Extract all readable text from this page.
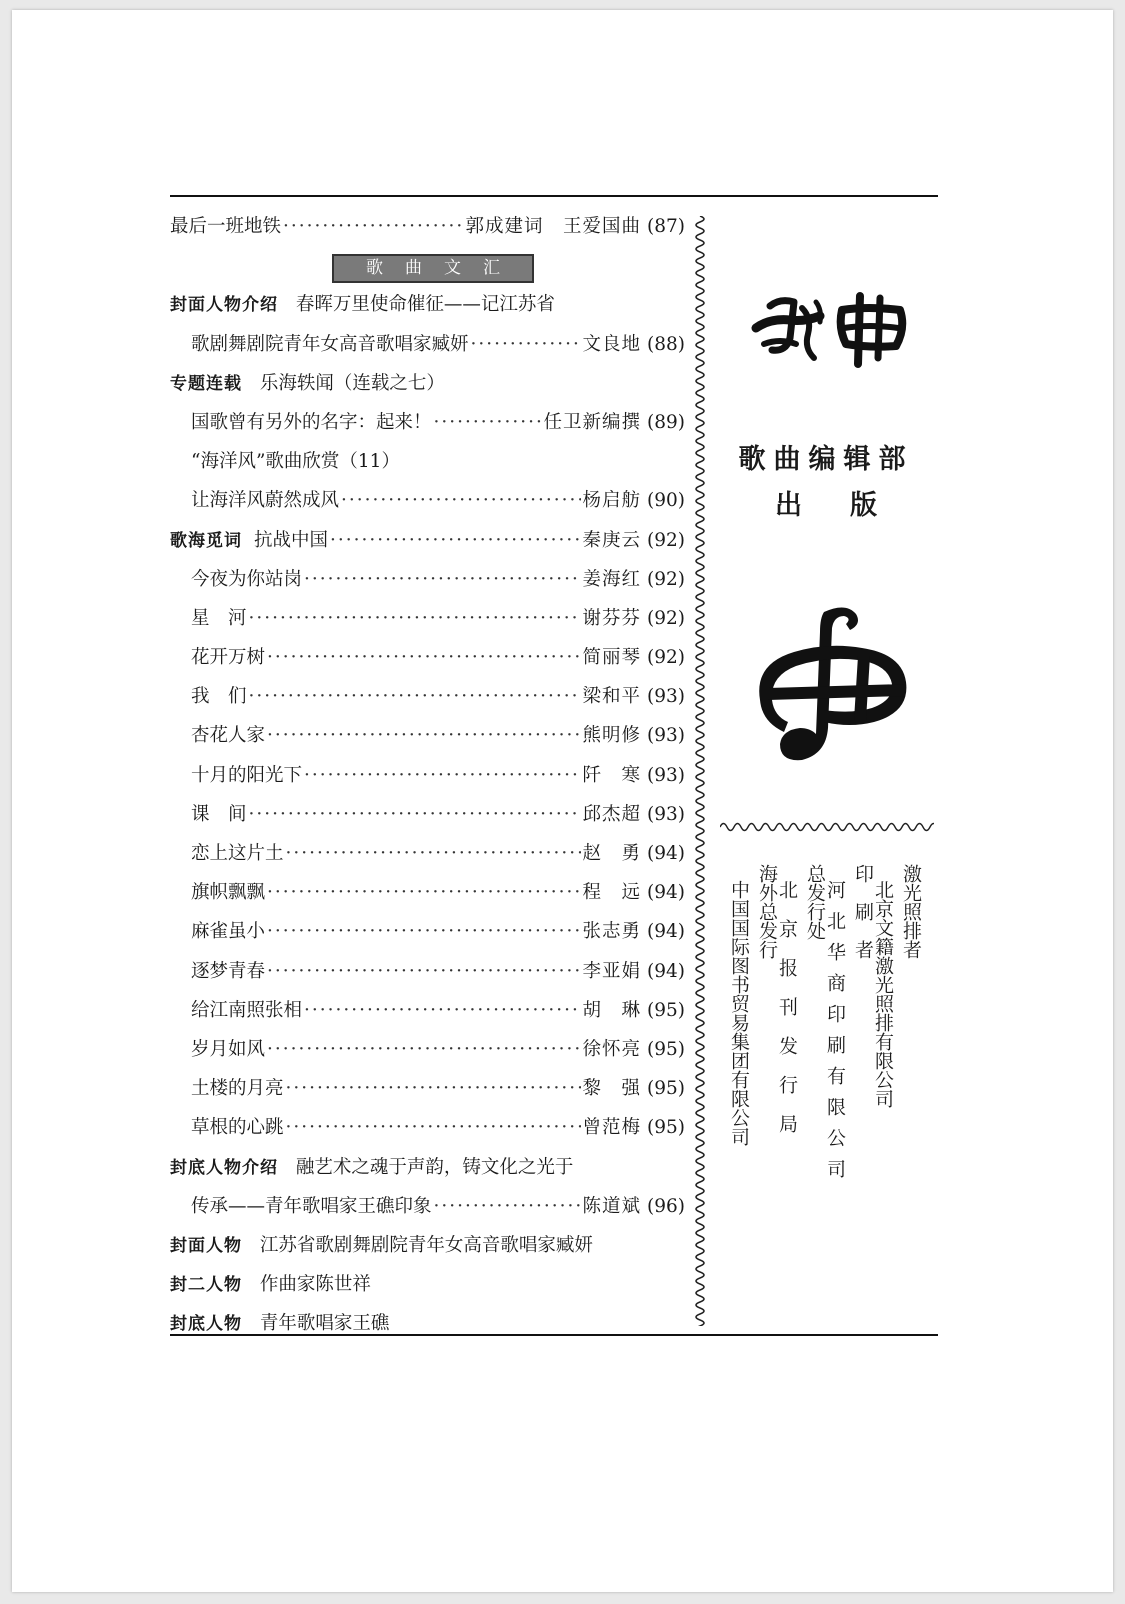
最后一班地铁 ·····	郭成建词　王爱国曲 (87)
歌曲文汇
封面人物介绍 春晖万里使命催征——记江苏省
歌剧舞剧院青年女高音歌唱家臧妍 ·····	文良地 (88)
专题连载 乐海轶闻（连载之七）
国歌曾有另外的名字：起来！ ·····	任卫新编撰 (89)
“海洋风”歌曲欣赏（11）
让海洋风蔚然成风 ·····	杨启舫 (90)
歌海觅词 抗战中国 ·····	秦庚云 (92)
今夜为你站岗 ·····	姜海红 (92)
星　河 ·····	谢芬芬 (92)
花开万树 ·····	简丽琴 (92)
我　们 ·····	梁和平 (93)
杏花人家 ·····	熊明修 (93)
十月的阳光下 ·····	阡　寒 (93)
课　间 ·····	邱杰超 (93)
恋上这片土 ·····	赵　勇 (94)
旗帜飘飘 ·····	程　远 (94)
麻雀虽小 ·····	张志勇 (94)
逐梦青春 ·····	李亚娟 (94)
给江南照张相 ·····	胡　琳 (95)
岁月如风 ·····	徐怀亮 (95)
土楼的月亮 ·····	黎　强 (95)
草根的心跳 ·····	曾范梅 (95)
封底人物介绍 融艺术之魂于声韵，铸文化之光于
传承——青年歌唱家王礁印象 ·····	陈道斌 (96)
封面人物 江苏省歌剧舞剧院青年女高音歌唱家臧妍
封二人物 作曲家陈世祥
封底人物 青年歌唱家王礁
歌曲编辑部
出版
激光照排者
北京文籍激光照排有限公司
印　刷　者
河北华商印刷有限公司
总发行处
北京报刊发行局
海外总发行
中国国际图书贸易集团有限公司
